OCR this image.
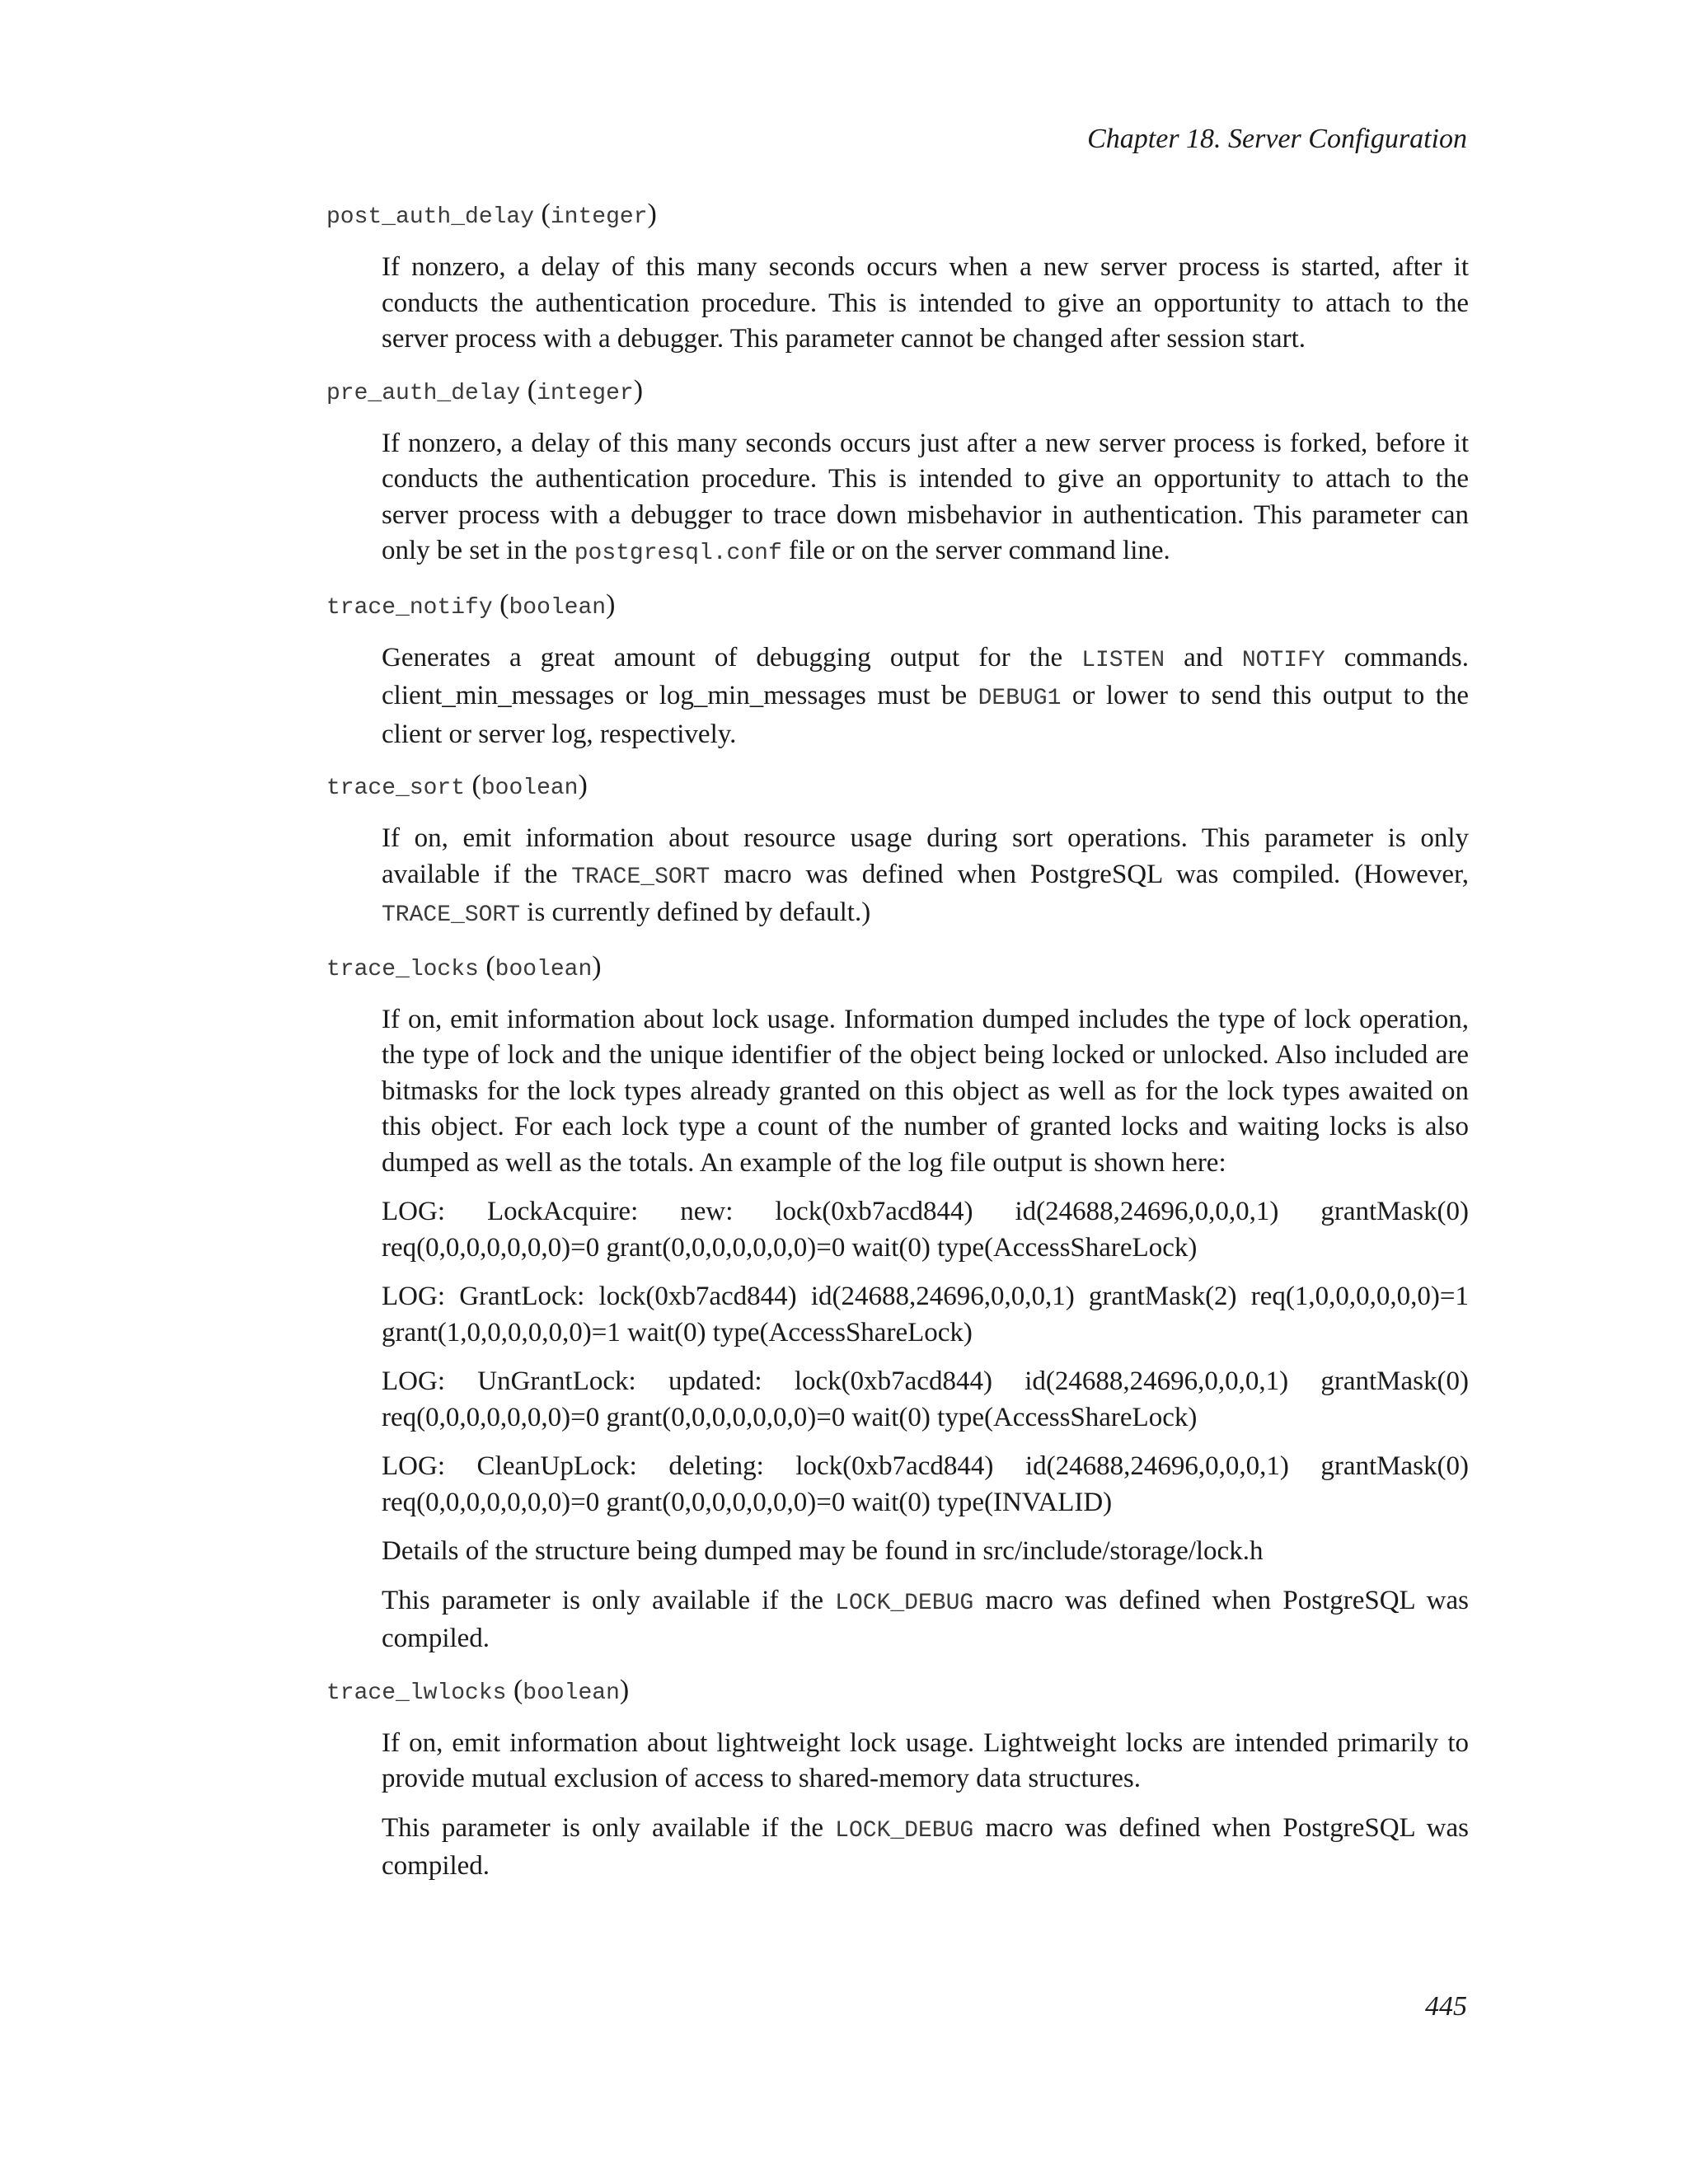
Chapter 18. Server Configuration
post_auth_delay (integer)

If nonzero, a delay of this many seconds occurs when a new server process is started, after it conducts the authentication procedure. This is intended to give an opportunity to attach to the server process with a debugger. This parameter cannot be changed after session start.

pre_auth_delay (integer)

If nonzero, a delay of this many seconds occurs just after a new server process is forked, before it conducts the authentication procedure. This is intended to give an opportunity to attach to the server process with a debugger to trace down misbehavior in authentication. This parameter can only be set in the postgresql.conf file or on the server command line.

trace_notify (boolean)

Generates a great amount of debugging output for the LISTEN and NOTIFY commands. client_min_messages or log_min_messages must be DEBUG1 or lower to send this output to the client or server log, respectively.

trace_sort (boolean)

If on, emit information about resource usage during sort operations. This parameter is only available if the TRACE_SORT macro was defined when PostgreSQL was compiled. (However, TRACE_SORT is currently defined by default.)

trace_locks (boolean)

If on, emit information about lock usage. Information dumped includes the type of lock operation, the type of lock and the unique identifier of the object being locked or unlocked. Also included are bitmasks for the lock types already granted on this object as well as for the lock types awaited on this object. For each lock type a count of the number of granted locks and waiting locks is also dumped as well as the totals. An example of the log file output is shown here:

LOG: LockAcquire: new: lock(0xb7acd844) id(24688,24696,0,0,0,1) grantMask(0) req(0,0,0,0,0,0,0)=0 grant(0,0,0,0,0,0,0)=0 wait(0) type(AccessShareLock)

LOG: GrantLock: lock(0xb7acd844) id(24688,24696,0,0,0,1) grantMask(2) req(1,0,0,0,0,0,0)=1 grant(1,0,0,0,0,0,0)=1 wait(0) type(AccessShareLock)

LOG: UnGrantLock: updated: lock(0xb7acd844) id(24688,24696,0,0,0,1) grantMask(0) req(0,0,0,0,0,0,0)=0 grant(0,0,0,0,0,0,0)=0 wait(0) type(AccessShareLock)

LOG: CleanUpLock: deleting: lock(0xb7acd844) id(24688,24696,0,0,0,1) grantMask(0) req(0,0,0,0,0,0,0)=0 grant(0,0,0,0,0,0,0)=0 wait(0) type(INVALID)

Details of the structure being dumped may be found in src/include/storage/lock.h

This parameter is only available if the LOCK_DEBUG macro was defined when PostgreSQL was compiled.

trace_lwlocks (boolean)

If on, emit information about lightweight lock usage. Lightweight locks are intended primarily to provide mutual exclusion of access to shared-memory data structures.

This parameter is only available if the LOCK_DEBUG macro was defined when PostgreSQL was compiled.

445
